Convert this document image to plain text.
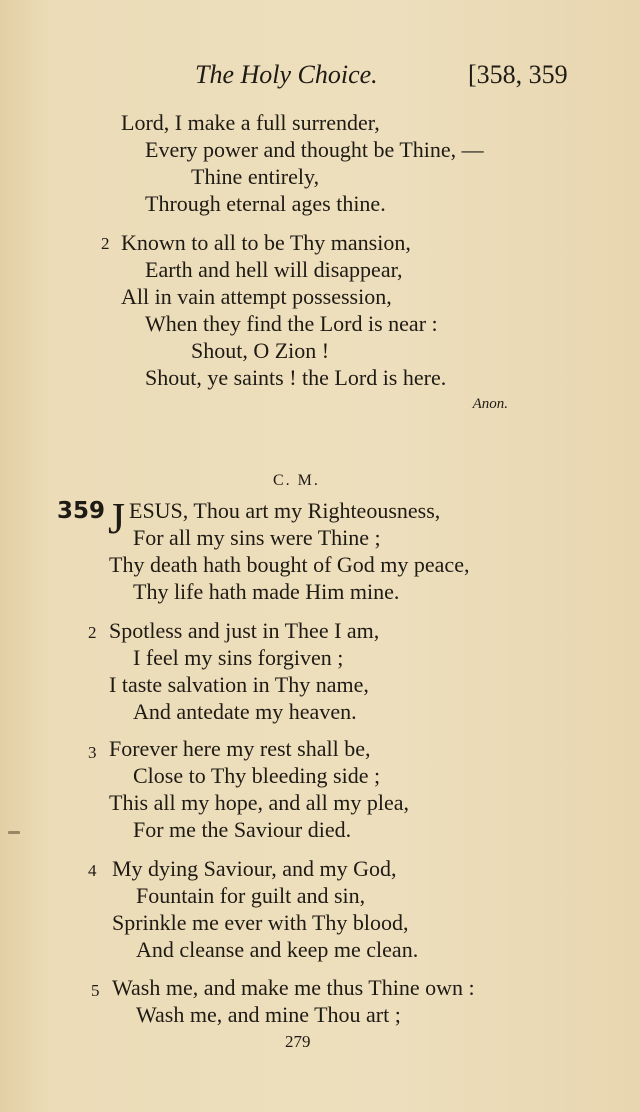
The Holy Choice.	[358, 359
Lord, I make a full surrender,
Every power and thought be Thine, —
Thine entirely,
Through eternal ages thine.
2 Known to all to be Thy mansion,
Earth and hell will disappear,
All in vain attempt possession,
When they find the Lord is near :
Shout, O Zion !
Shout, ye saints ! the Lord is here.
Anon.
C. M.
359 J ESUS, Thou art my Righteousness,
For all my sins were Thine ;
Thy death hath bought of God my peace,
Thy life hath made Him mine.
2 Spotless and just in Thee I am,
I feel my sins forgiven ;
I taste salvation in Thy name,
And antedate my heaven.
3 Forever here my rest shall be,
Close to Thy bleeding side ;
This all my hope, and all my plea,
For me the Saviour died.
4 My dying Saviour, and my God,
Fountain for guilt and sin,
Sprinkle me ever with Thy blood,
And cleanse and keep me clean.
5 Wash me, and make me thus Thine own :
Wash me, and mine Thou art ;
279
